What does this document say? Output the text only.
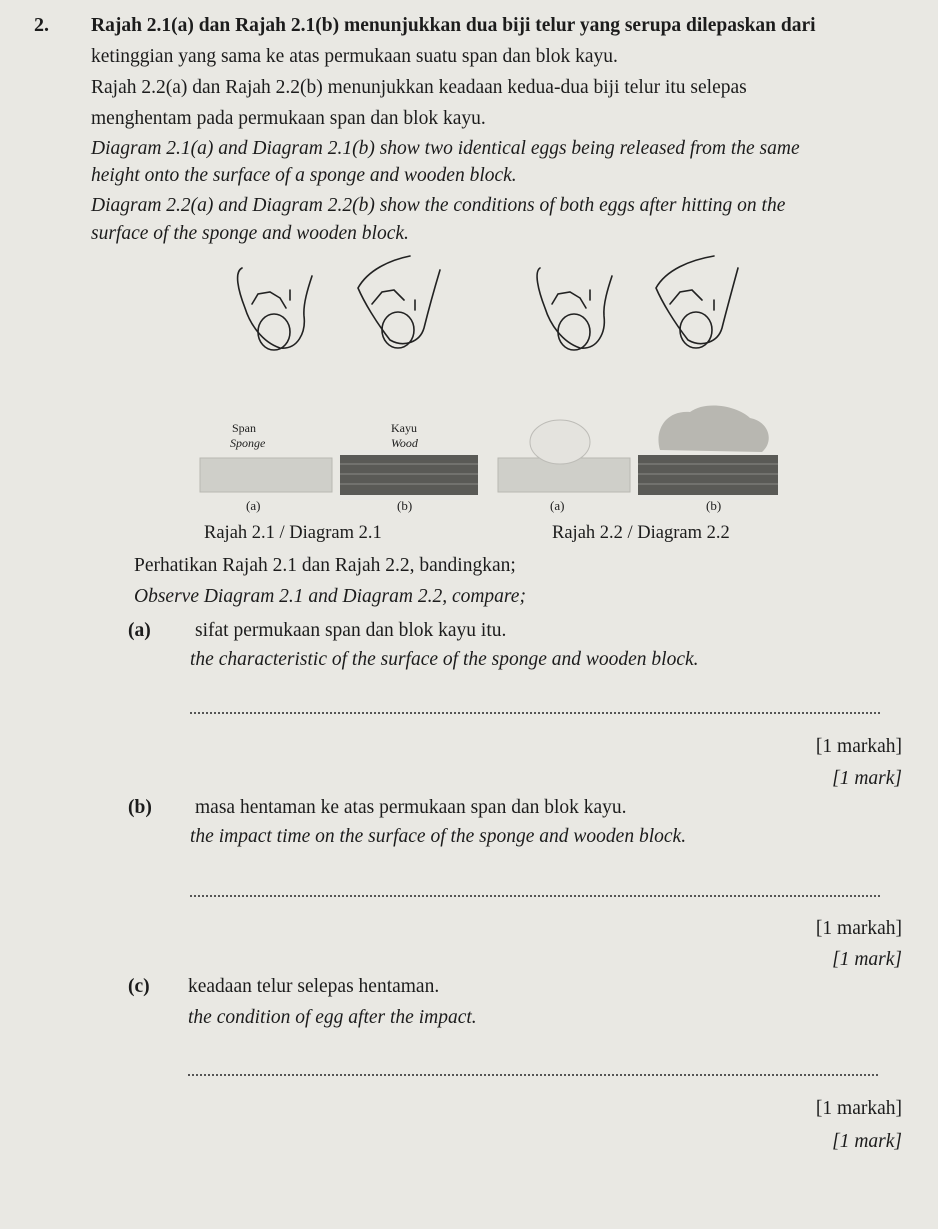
2. Rajah 2.1(a) dan Rajah 2.1(b) menunjukkan dua biji telur yang serupa dilepaskan dari
ketinggian yang sama ke atas permukaan suatu span dan blok kayu.
Rajah 2.2(a) dan Rajah 2.2(b) menunjukkan keadaan kedua-dua biji telur itu selepas
menghentam pada permukaan span dan blok kayu.
Diagram 2.1(a) and Diagram 2.1(b) show two identical eggs being released from the same
height onto the surface of a sponge and wooden block.
Diagram 2.2(a) and Diagram 2.2(b) show the conditions of both eggs after hitting on the
surface of the sponge and wooden block.
Span
Sponge
Kayu
Wood
(a)	(b)	(a)	(b)
Rajah 2.1 / Diagram 2.1	Rajah 2.2 / Diagram 2.2
Perhatikan Rajah 2.1 dan Rajah 2.2, bandingkan;
Observe Diagram 2.1 and Diagram 2.2, compare;
(a) sifat permukaan span dan blok kayu itu.
the characteristic of the surface of the sponge and wooden block.
[1 markah]
[1 mark]
(b) masa hentaman ke atas permukaan span dan blok kayu.
the impact time on the surface of the sponge and wooden block.
[1 markah]
[1 mark]
(c) keadaan telur selepas hentaman.
the condition of egg after the impact.
[1 markah]
[1 mark]
